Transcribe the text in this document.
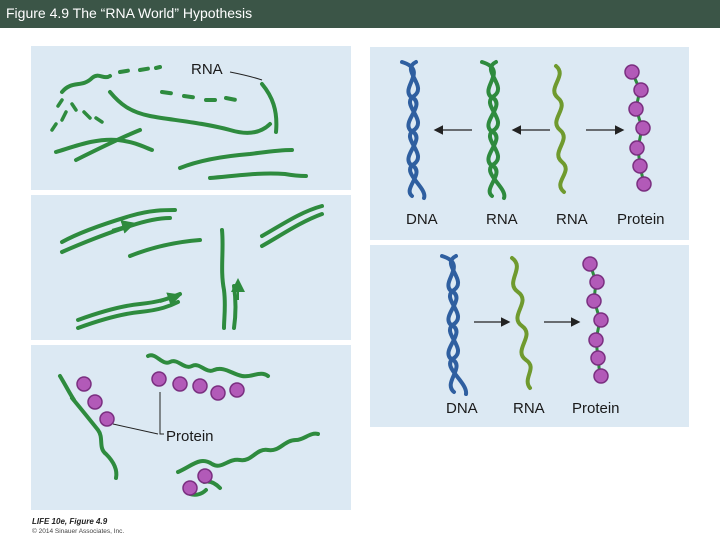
Figure 4.9 The “RNA World” Hypothesis
RNA
Protein
DNA	RNA	RNA Protein
DNA RNA Protein
LIFE 10e, Figure 4.9
© 2014 Sinauer Associates, Inc.
